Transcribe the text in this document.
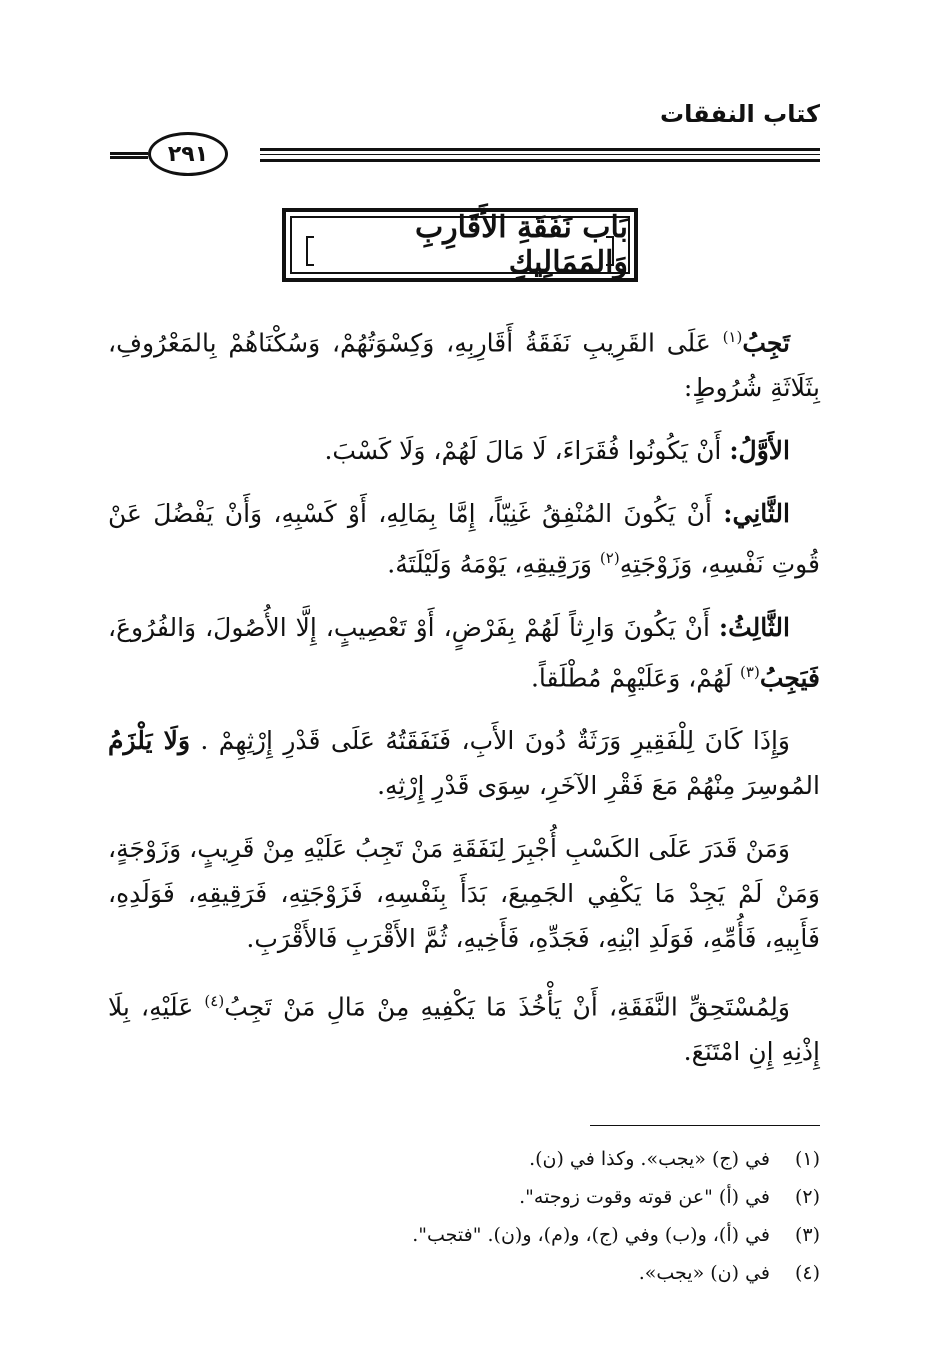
كتاب النفقات
٢٩١
بَاب نَفَقَةِ الأَقَارِبِ وَالمَمَالِيكِ

تَجِبُ$^{(١)}$ عَلَى القَرِيبِ نَفَقَةُ أَقَارِبِهِ، وَكِسْوَتُهُمْ، وَسُكْنَاهُمْ بِالمَعْرُوفِ، بِثَلَاثَةِ شُرُوطٍ:

الأَوَّلُ: أَنْ يَكُونُوا فُقَرَاءَ، لَا مَالَ لَهُمْ، وَلَا كَسْبَ.

الثَّانِي: أَنْ يَكُونَ المُنْفِقُ غَنِيّاً، إِمَّا بِمَالِهِ، أَوْ كَسْبِهِ، وَأَنْ يَفْضُلَ عَنْ قُوتِ نَفْسِهِ، وَزَوْجَتِهِ$^{(٢)}$ وَرَقِيقِهِ، يَوْمَهُ وَلَيْلَتَهُ.

الثَّالِثُ: أَنْ يَكُونَ وَارِثاً لَهُمْ بِفَرْضٍ، أَوْ تَعْصِيبٍ، إِلَّا الأُصُولَ، وَالفُرُوعَ، فَيَجِبُ$^{(٣)}$ لَهُمْ، وَعَلَيْهِمْ مُطْلَقاً.

وَإِذَا كَانَ لِلْفَقِيرِ وَرَثَةٌ دُونَ الأَبِ، فَنَفَقَتُهُ عَلَى قَدْرِ إِرْثِهِمْ . وَلَا يَلْزَمُ المُوسِرَ مِنْهُمْ مَعَ فَقْرِ الآخَرِ، سِوَى قَدْرِ إِرْثِهِ.

وَمَنْ قَدَرَ عَلَى الكَسْبِ أُجْبِرَ لِنَفَقَةِ مَنْ تَجِبُ عَلَيْهِ مِنْ قَرِيبٍ، وَزَوْجَةٍ، وَمَنْ لَمْ يَجِدْ مَا يَكْفِي الجَمِيعَ، بَدَأَ بِنَفْسِهِ، فَزَوْجَتِهِ، فَرَقِيقِهِ، فَوَلَدِهِ، فَأَبِيهِ، فَأُمِّهِ، فَوَلَدِ ابْنِهِ، فَجَدِّهِ، فَأَخِيهِ، ثُمَّ الأَقْرَبِ فَالأَقْرَبِ.

وَلِمُسْتَحِقِّ النَّفَقَةِ، أَنْ يَأْخُذَ مَا يَكْفِيهِ مِنْ مَالِ مَنْ تَجِبُ$^{(٤)}$ عَلَيْهِ، بِلَا إِذْنِهِ إِنِ امْتَنَعَ.

(١)
في (ج) «يجب». وكذا في (ن).
(٢)
في (أ) "عن قوته وقوت زوجته".
(٣)
في (أ)، و(ب) وفي (ج)، و(م)، و(ن). "فتجب".
(٤)
في (ن) «يجب».
